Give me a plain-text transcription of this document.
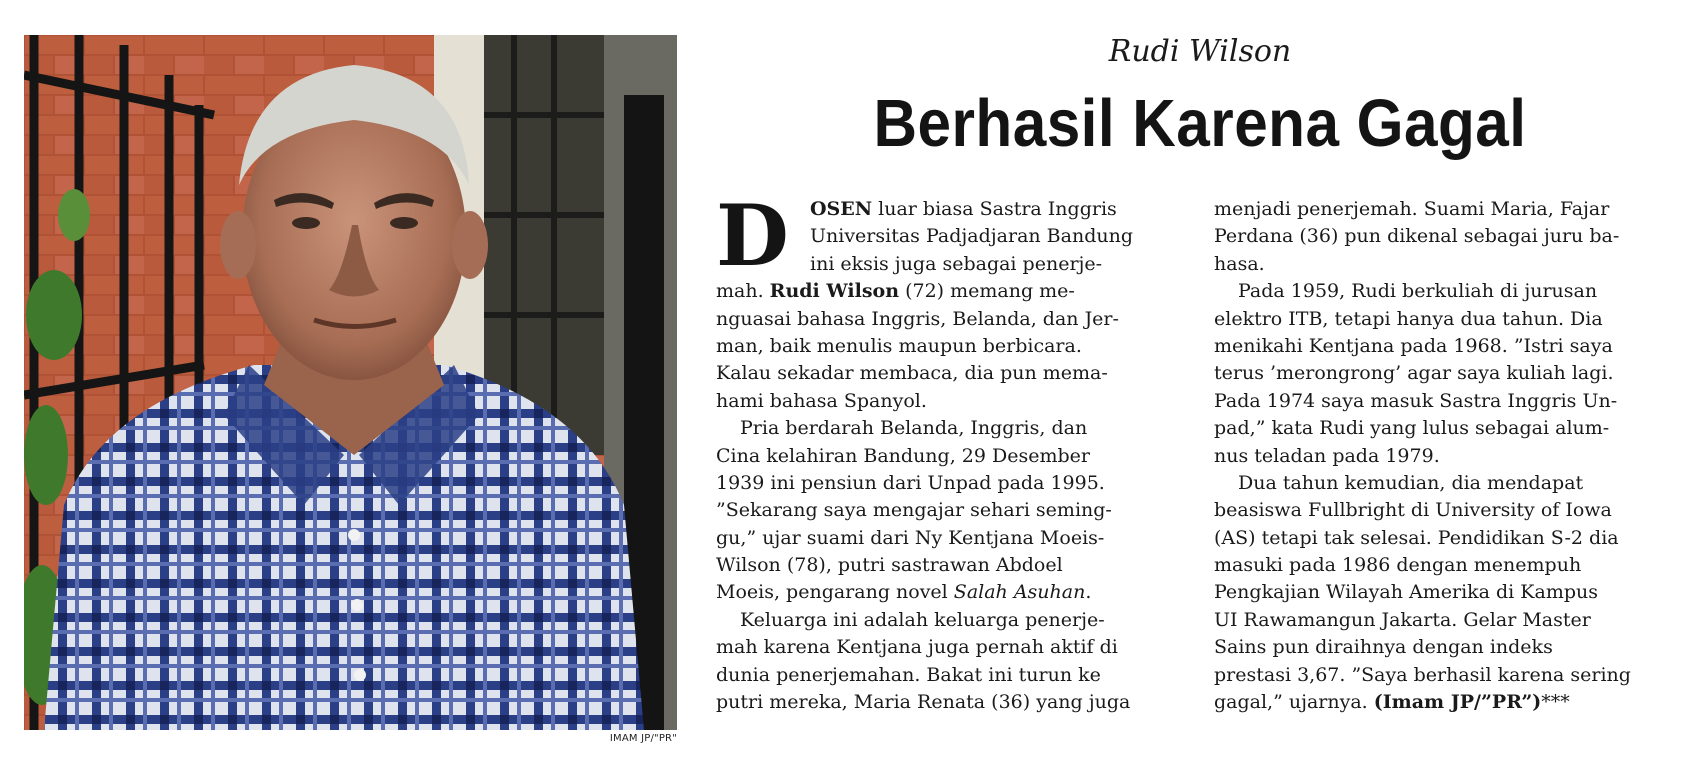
IMAM JP/"PR"
Rudi Wilson
Berhasil Karena Gagal
D	OSEN luar biasa Sastra Inggris
Universitas Padjadjaran Bandung
ini eksis juga sebagai penerje-
mah. Rudi Wilson (72) memang me-
nguasai bahasa Inggris, Belanda, dan Jer-
man, baik menulis maupun berbicara.
Kalau sekadar membaca, dia pun mema-
hami bahasa Spanyol.
Pria berdarah Belanda, Inggris, dan
Cina kelahiran Bandung, 29 Desember
1939 ini pensiun dari Unpad pada 1995.
”Sekarang saya mengajar sehari seming-
gu,” ujar suami dari Ny Kentjana Moeis-
Wilson (78), putri sastrawan Abdoel
Moeis, pengarang novel Salah Asuhan.
Keluarga ini adalah keluarga penerje-
mah karena Kentjana juga pernah aktif di
dunia penerjemahan. Bakat ini turun ke
putri mereka, Maria Renata (36) yang juga
menjadi penerjemah. Suami Maria, Fajar
Perdana (36) pun dikenal sebagai juru ba-
hasa.
Pada 1959, Rudi berkuliah di jurusan
elektro ITB, tetapi hanya dua tahun. Dia
menikahi Kentjana pada 1968. ”Istri saya
terus ’merongrong’ agar saya kuliah lagi.
Pada 1974 saya masuk Sastra Inggris Un-
pad,” kata Rudi yang lulus sebagai alum-
nus teladan pada 1979.
Dua tahun kemudian, dia mendapat
beasiswa Fullbright di University of Iowa
(AS) tetapi tak selesai. Pendidikan S-2 dia
masuki pada 1986 dengan menempuh
Pengkajian Wilayah Amerika di Kampus
UI Rawamangun Jakarta. Gelar Master
Sains pun diraihnya dengan indeks
prestasi 3,67. ”Saya berhasil karena sering
gagal,” ujarnya. (Imam JP/”PR”)***
